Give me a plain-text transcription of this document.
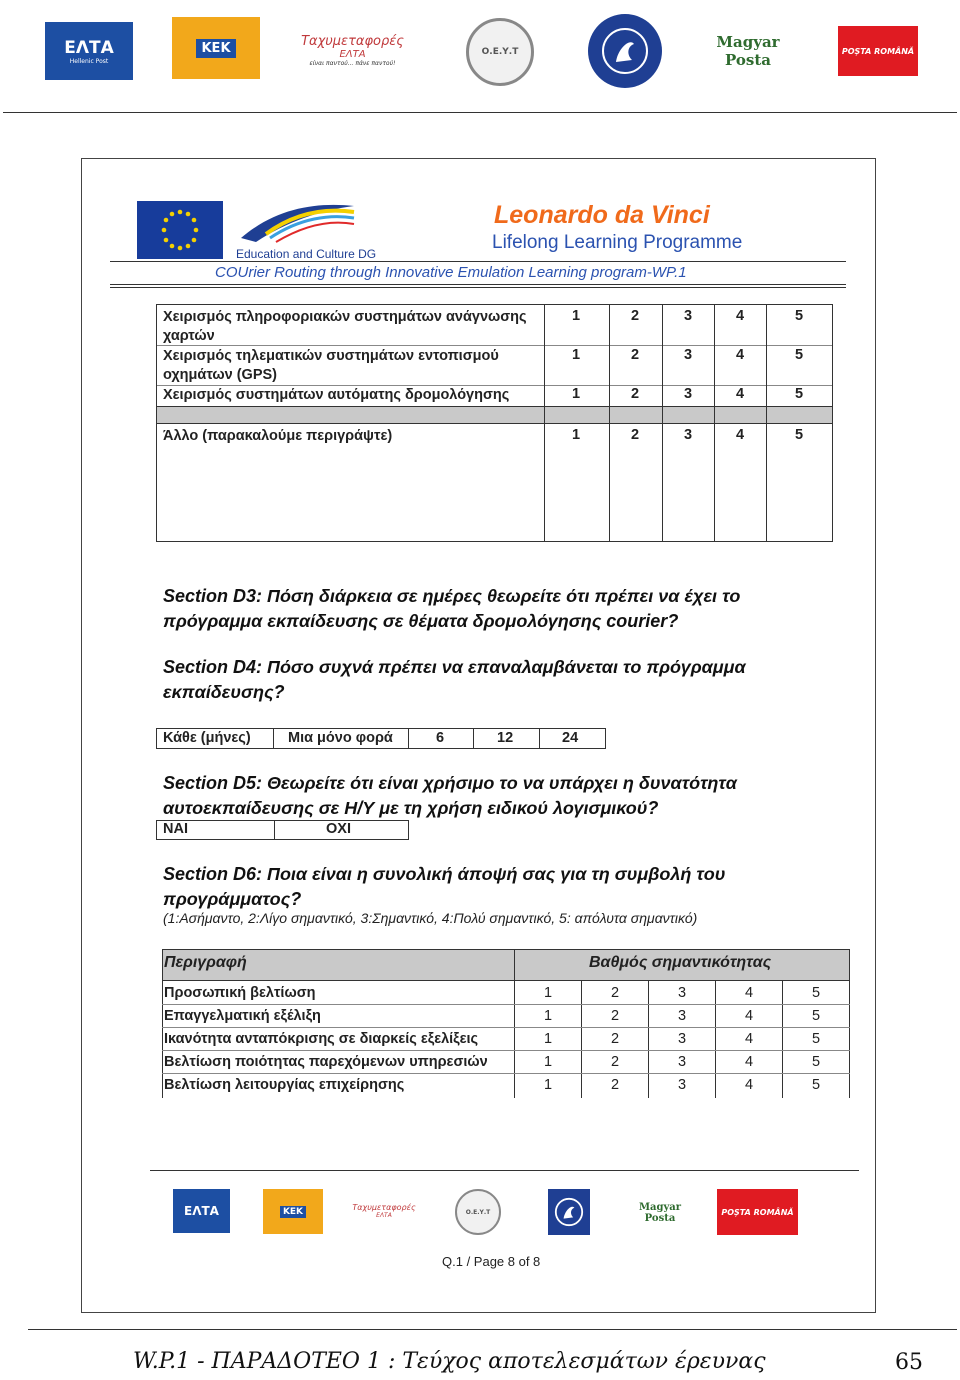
ΕΛΤΑ
Hellenic Post
ΚΕΚ	Ταχυμεταφορές
ΕΛΤΑ
είναι παντού... πάνε παντού!
Ο.Ε.Υ.Τ
Magyar Posta	POȘTA ROMÂNĂ
Education and Culture DG
Leonardo da Vinci
Lifelong Learning Programme
COUrier Routing through Innovative Emulation Learning program-WP.1
Χειρισμός πληροφοριακών συστημάτων ανάγνωσης
χαρτών
1	2	3	4	5
Χειρισμός τηλεματικών συστημάτων εντοπισμού
οχημάτων (GPS)
1	2	3	4	5
Χειρισμός συστημάτων αυτόματης δρομολόγησης	1	2	3	4	5
Άλλο (παρακαλούμε περιγράψτε)	1	2	3	4	5
Section D3: Πόση διάρκεια σε ημέρες θεωρείτε ότι πρέπει να έχει το
πρόγραμμα εκπαίδευσης σε θέματα δρομολόγησης courier?
Section D4: Πόσο συχνά πρέπει να επαναλαμβάνεται το πρόγραμμα
εκπαίδευσης?
Κάθε (μήνες)	Μια μόνο φορά	6	12	24
Section D5: Θεωρείτε ότι είναι χρήσιμο το να υπάρχει η δυνατότητα
αυτοεκπαίδευσης σε Η/Υ με τη χρήση ειδικού λογισμικού?
ΝΑΙ	ΟΧΙ
Section D6: Ποια είναι η συνολική άποψή σας για τη συμβολή του
προγράμματος?
(1:Ασήμαντο, 2:Λίγο σημαντικό, 3:Σημαντικό, 4:Πολύ σημαντικό, 5: απόλυτα σημαντικό)
Περιγραφή	Βαθμός σημαντικότητας
Προσωπική βελτίωση	1	2	3	4	5
Επαγγελματική εξέλιξη	1	2	3	4	5
Ικανότητα ανταπόκρισης σε διαρκείς εξελίξεις	1	2	3	4	5
Βελτίωση ποιότητας παρεχόμενων υπηρεσιών	1	2	3	4	5
Βελτίωση λειτουργίας επιχείρησης	1	2	3	4	5
ΕΛΤΑ	ΚΕΚ	Ταχυμεταφορές
ΕΛΤΑ	Ο.Ε.Υ.Τ	Magyar Posta
POȘTA ROMÂNĂ
Q.1 / Page 8 of 8
W.P.1 - ΠΑΡΑΔΟΤΕΟ 1 : Τεύχος αποτελεσμάτων έρευνας	65
